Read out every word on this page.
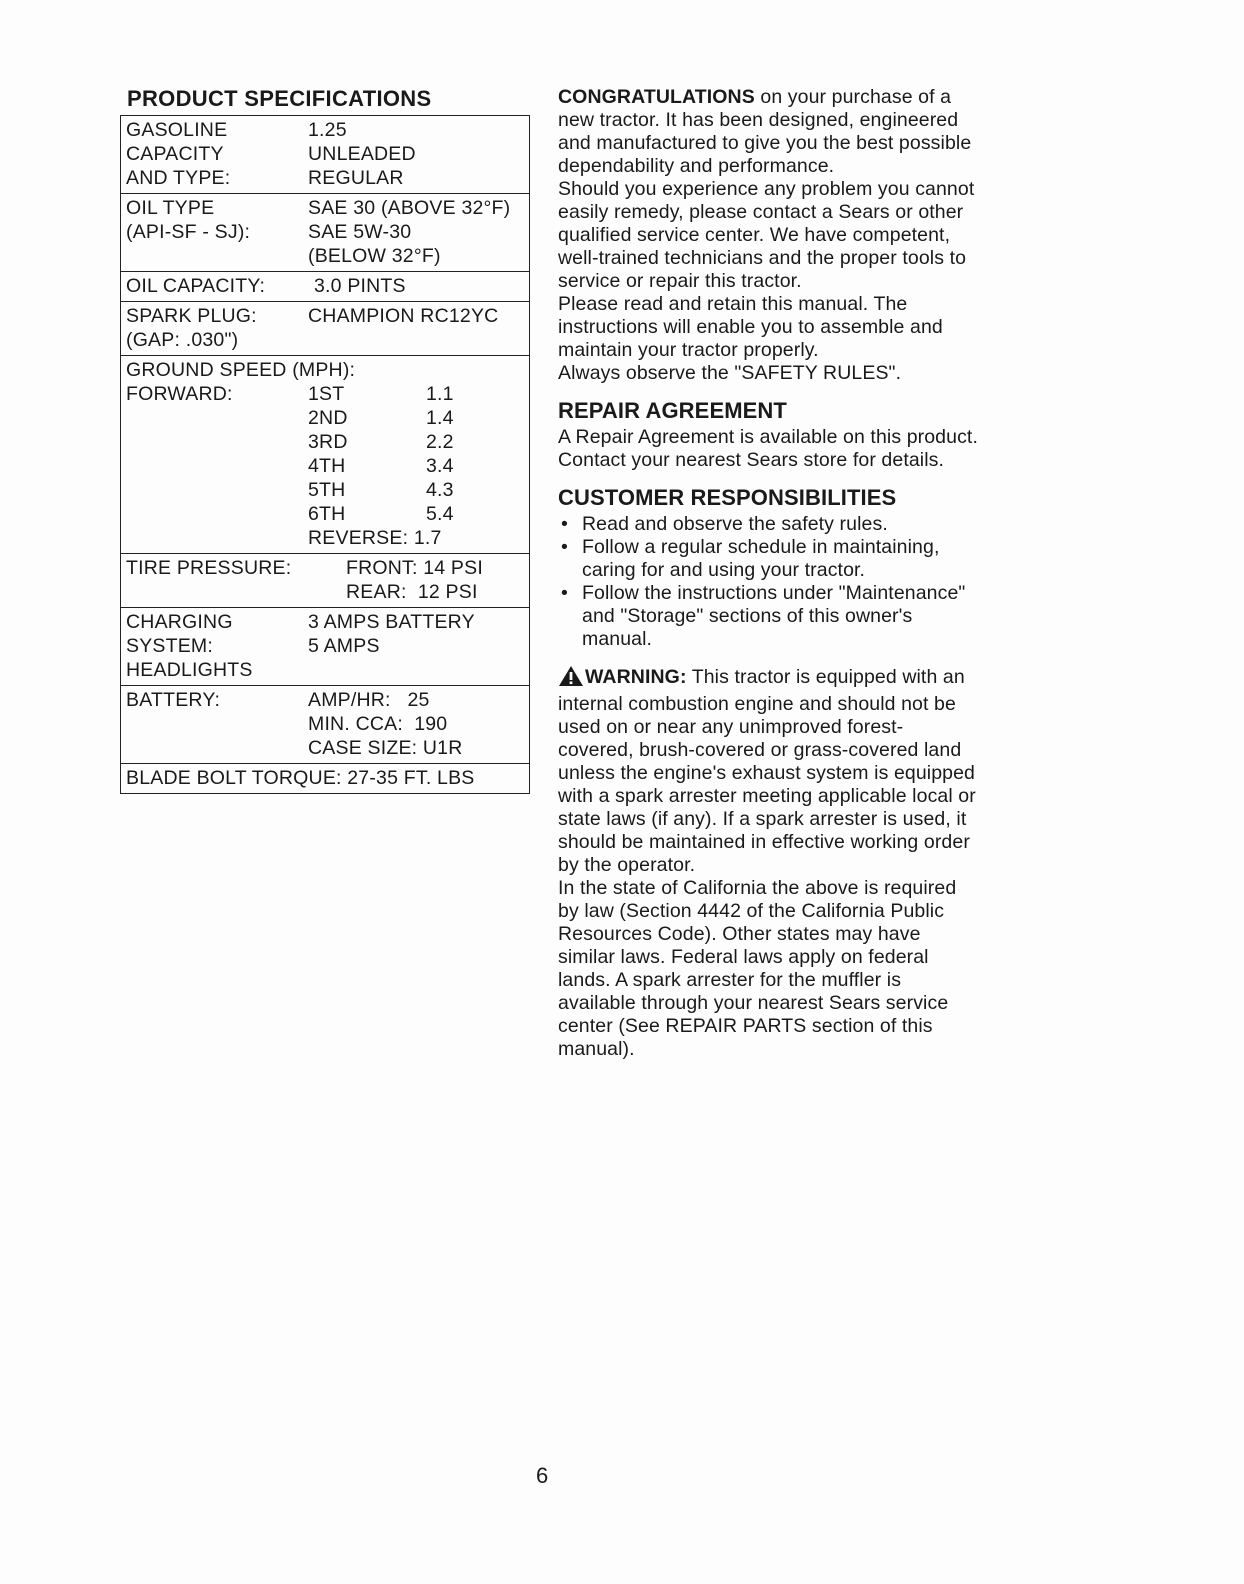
PRODUCT SPECIFICATIONS
GASOLINE	1.25
CAPACITY	UNLEADED
AND TYPE:	REGULAR
OIL TYPE	SAE 30 (ABOVE 32°F)
(API-SF - SJ):	SAE 5W-30
(BELOW 32°F)
OIL CAPACITY:	3.0 PINTS
SPARK PLUG:	CHAMPION RC12YC
(GAP: .030")
GROUND SPEED (MPH):
FORWARD:	1ST	1.1
2ND	1.4
3RD	2.2
4TH	3.4
5TH	4.3
6TH	5.4
REVERSE: 1.7
TIRE PRESSURE:	FRONT: 14 PSI
REAR:  12 PSI
CHARGING	3 AMPS BATTERY
SYSTEM:	5 AMPS
HEADLIGHTS
BATTERY:	AMP/HR:   25
MIN. CCA:  190
CASE SIZE: U1R
BLADE BOLT TORQUE: 27-35 FT. LBS

CONGRATULATIONS on your purchase of a new tractor. It has been designed, engineered and manufactured to give you the best possible dependability and performance.

Should you experience any problem you cannot easily remedy, please contact a Sears or other qualified service center. We have competent, well-trained technicians and the proper tools to service or repair this tractor.

Please read and retain this manual. The instructions will enable you to assemble and maintain your tractor properly.

Always observe the "SAFETY RULES".

REPAIR AGREEMENT

A Repair Agreement is available on this product. Contact your nearest Sears store for details.

CUSTOMER RESPONSIBILITIES
• Read and observe the safety rules.
• Follow a regular schedule in maintaining, caring for and using your tractor.
• Follow the instructions under "Maintenance" and "Storage" sections of this owner's manual.

WARNING: This tractor is equipped with an internal combustion engine and should not be used on or near any unimproved forest-covered, brush-covered or grass-covered land unless the engine's exhaust system is equipped with a spark arrester meeting applicable local or state laws (if any). If a spark arrester is used, it should be maintained in effective working order by the operator.

In the state of California the above is required by law (Section 4442 of the California Public Resources Code). Other states may have similar laws. Federal laws apply on federal lands. A spark arrester for the muffler is available through your nearest Sears service center (See REPAIR PARTS section of this manual).

6
